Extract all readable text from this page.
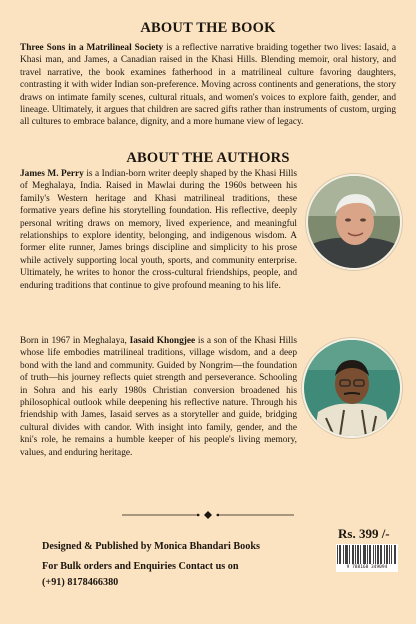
ABOUT THE BOOK

Three Sons in a Matrilineal Society is a reflective narrative braiding together two lives: Iasaid, a Khasi man, and James, a Canadian raised in the Khasi Hills. Blending memoir, oral history, and travel narrative, the book examines fatherhood in a matrilineal culture favoring daughters, contrasting it with wider Indian son-preference. Moving across continents and generations, the story draws on intimate family scenes, cultural rituals, and women's voices to explore faith, gender, and lineage. Ultimately, it argues that children are sacred gifts rather than instruments of custom, urging all cultures to embrace balance, dignity, and a more humane view of legacy.

ABOUT THE AUTHORS

James M. Perry is a Indian-born writer deeply shaped by the Khasi Hills of Meghalaya, India. Raised in Mawlai during the 1960s between his family's Western heritage and Khasi matrilineal traditions, these formative years define his storytelling foundation. His reflective, deeply personal writing draws on memory, lived experience, and meaningful relationships to explore identity, belonging, and indigenous wisdom. A former elite runner, James brings discipline and simplicity to his prose while actively supporting local youth, sports, and community enterprise. Ultimately, he writes to honor the cross-cultural friendships, people, and enduring traditions that continue to give profound meaning to his life.

Born in 1967 in Meghalaya, Iasaid Khongjee is a son of the Khasi Hills whose life embodies matrilineal traditions, village wisdom, and a deep bond with the land and community. Guided by Nongrim—the foundation of truth—his journey reflects quiet strength and perseverance. Schooling in Sohra and his early 1980s Christian conversion broadened his philosophical outlook while deepening his reflective nature. Through his friendship with James, Iasaid serves as a storyteller and guide, bridging cultural divides with candor. With insight into family, gender, and the kni's role, he remains a humble keeper of his people's living memory, values, and enduring heritage.

Rs. 399 /-
9 788168 349094
Designed & Published by Monica Bhandari Books
For Bulk orders and Enquiries Contact us on
(+91) 8178466380
